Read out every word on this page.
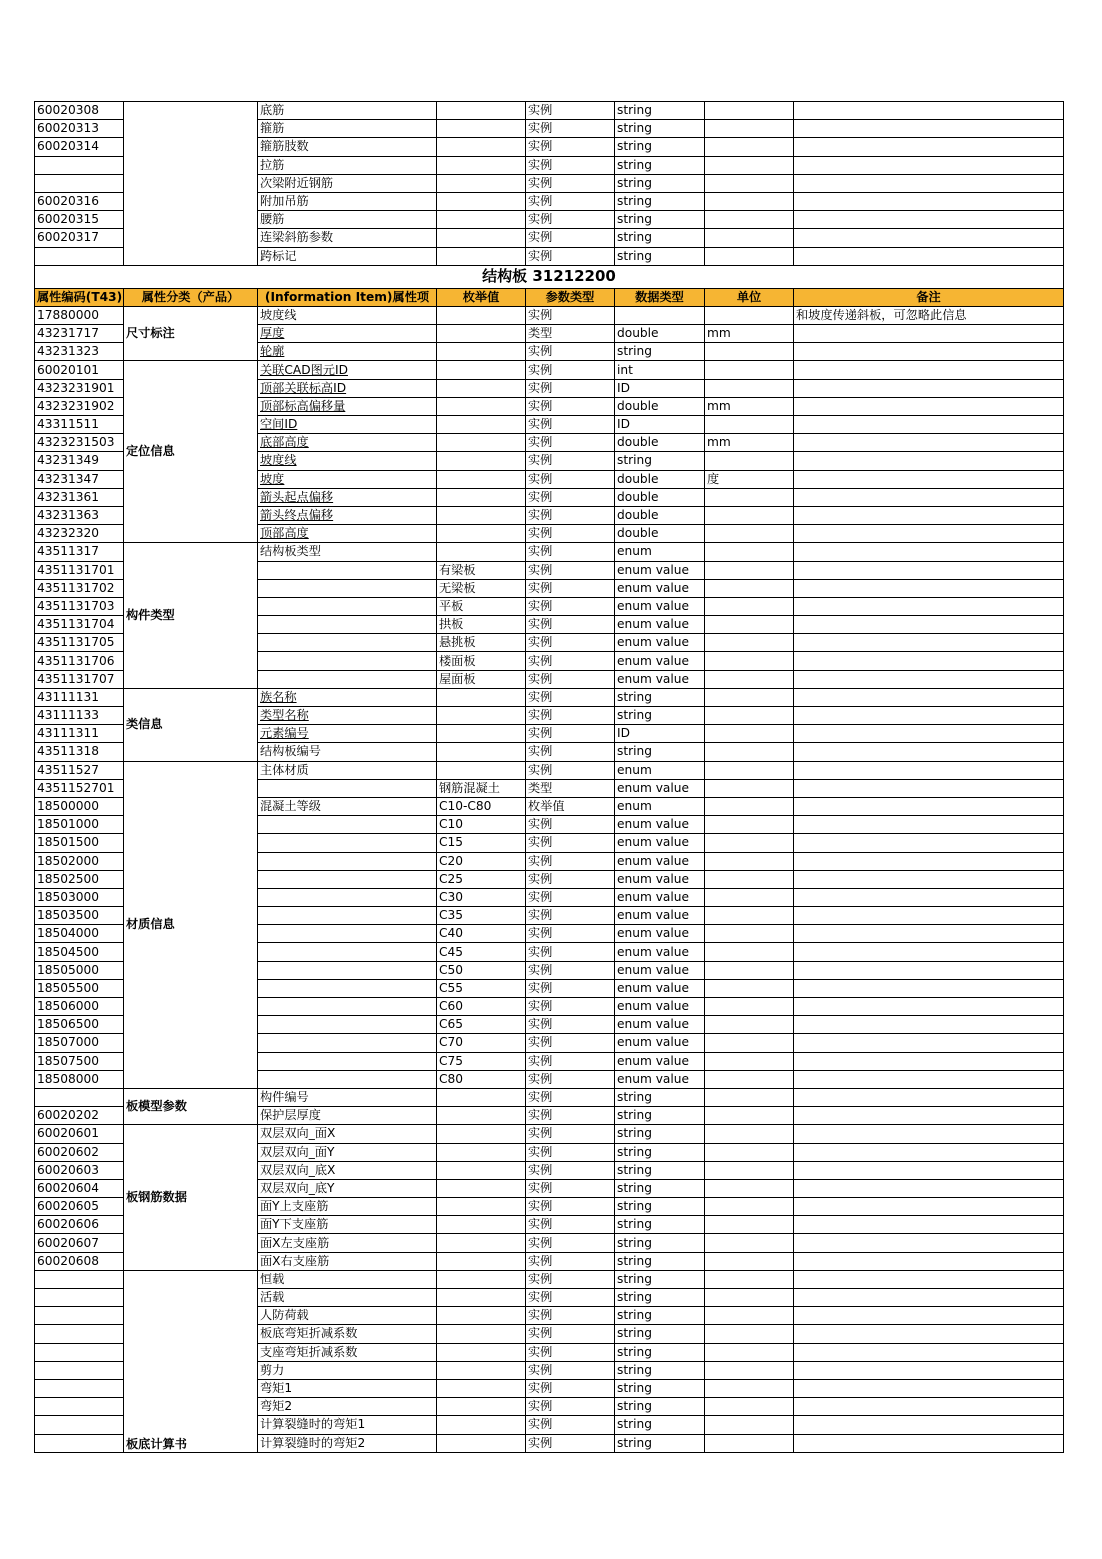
60020308		底筋		实例	string		
60020313		箍筋		实例	string		
60020314		箍筋肢数		实例	string		
		拉筋		实例	string		
		次梁附近钢筋		实例	string		
60020316		附加吊筋		实例	string		
60020315		腰筋		实例	string		
60020317		连梁斜筋参数		实例	string		
		跨标记		实例	string		
结构板 31212200							
属性编码(T43)	属性分类（产品）	(Information Item)属性项	枚举值	参数类型	数据类型	单位	备注
17880000	尺寸标注	坡度线		实例			和坡度传递斜板，可忽略此信息
43231717		厚度		类型	double	mm	
43231323		轮廓		实例	string		
60020101	定位信息	关联CAD图元ID		实例	int		
4323231901		顶部关联标高ID		实例	ID		
4323231902		顶部标高偏移量		实例	double	mm	
43311511		空间ID		实例	ID		
4323231503		底部高度		实例	double	mm	
43231349		坡度线		实例	string		
43231347		坡度		实例	double	度	
43231361		箭头起点偏移		实例	double		
43231363		箭头终点偏移		实例	double		
43232320		顶部高度		实例	double		
43511317	构件类型	结构板类型		实例	enum		
4351131701			有梁板	实例	enum value		
4351131702			无梁板	实例	enum value		
4351131703			平板	实例	enum value		
4351131704			拱板	实例	enum value		
4351131705			悬挑板	实例	enum value		
4351131706			楼面板	实例	enum value		
4351131707			屋面板	实例	enum value		
43111131	类信息	族名称		实例	string		
43111133		类型名称		实例	string		
43111311		元素编号		实例	ID		
43511318		结构板编号		实例	string		
43511527	材质信息	主体材质		实例	enum		
4351152701			钢筋混凝土	类型	enum value		
18500000		混凝土等级	C10-C80	枚举值	enum		
18501000			C10	实例	enum value		
18501500			C15	实例	enum value		
18502000			C20	实例	enum value		
18502500			C25	实例	enum value		
18503000			C30	实例	enum value		
18503500			C35	实例	enum value		
18504000			C40	实例	enum value		
18504500			C45	实例	enum value		
18505000			C50	实例	enum value		
18505500			C55	实例	enum value		
18506000			C60	实例	enum value		
18506500			C65	实例	enum value		
18507000			C70	实例	enum value		
18507500			C75	实例	enum value		
18508000			C80	实例	enum value		
	板模型参数	构件编号		实例	string		
60020202		保护层厚度		实例	string		
60020601	板钢筋数据	双层双向_面X		实例	string		
60020602		双层双向_面Y		实例	string		
60020603		双层双向_底X		实例	string		
60020604		双层双向_底Y		实例	string		
60020605		面Y上支座筋		实例	string		
60020606		面Y下支座筋		实例	string		
60020607		面X左支座筋		实例	string		
60020608		面X右支座筋		实例	string		
	板底计算书	恒载		实例	string		
		活载		实例	string		
		人防荷载		实例	string		
		板底弯矩折减系数		实例	string		
		支座弯矩折减系数		实例	string		
		剪力		实例	string		
		弯矩1		实例	string		
		弯矩2		实例	string		
		计算裂缝时的弯矩1		实例	string		
		计算裂缝时的弯矩2		实例	string		
